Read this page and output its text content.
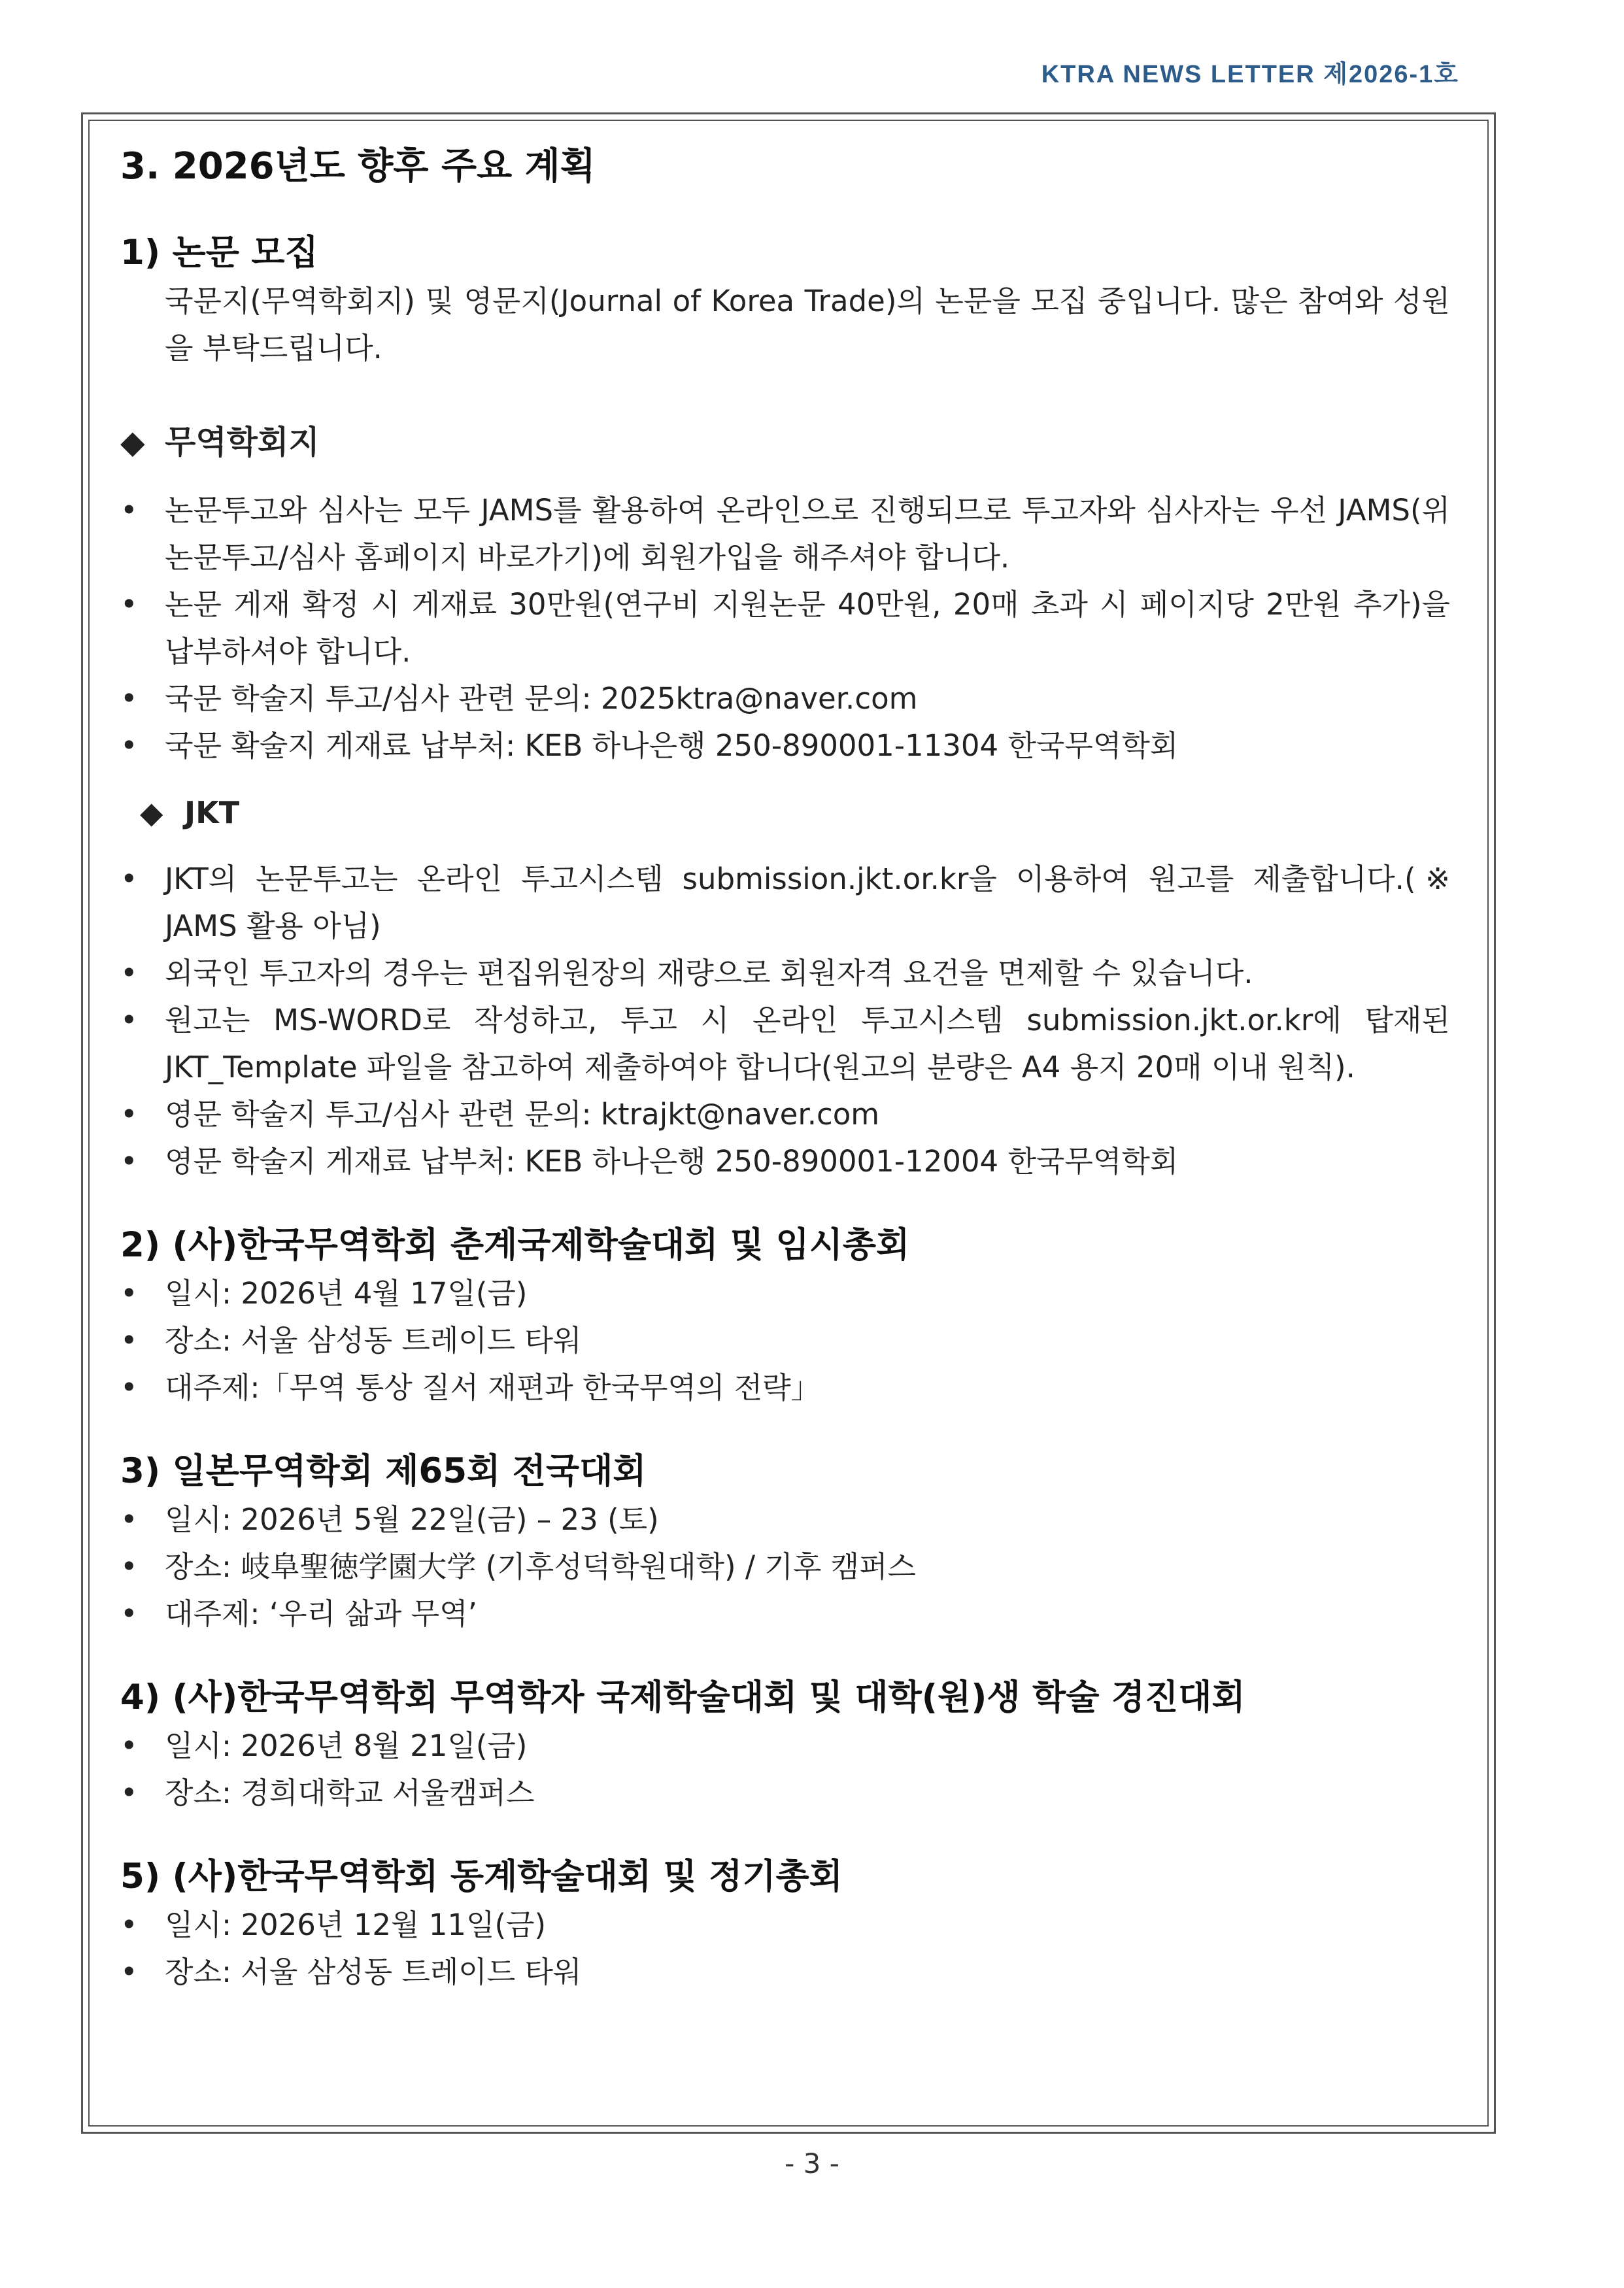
KTRA NEWS LETTER 제2026-1호

3. 2026년도 향후 주요 계획

1) 논문 모집

국문지(무역학회지) 및 영문지(Journal of Korea Trade)의 논문을 모집 중입니다. 많은 참여와 성원을 부탁드립니다.

◆ 무역학회지

• 논문투고와 심사는 모두 JAMS를 활용하여 온라인으로 진행되므로 투고자와 심사자는 우선 JAMS(위 논문투고/심사 홈페이지 바로가기)에 회원가입을 해주셔야 합니다.
• 논문 게재 확정 시 게재료 30만원(연구비 지원논문 40만원, 20매 초과 시 페이지당 2만원 추가)을 납부하셔야 합니다.
• 국문 학술지 투고/심사 관련 문의: 2025ktra@naver.com
• 국문 확술지 게재료 납부처: KEB 하나은행 250-890001-11304 한국무역학회

◆ JKT

• JKT의 논문투고는 온라인 투고시스템 submission.jkt.or.kr을 이용하여 원고를 제출합니다.(※ JAMS 활용 아님)
• 외국인 투고자의 경우는 편집위원장의 재량으로 회원자격 요건을 면제할 수 있습니다.
• 원고는 MS-WORD로 작성하고, 투고 시 온라인 투고시스템 submission.jkt.or.kr에 탑재된 JKT_Template 파일을 참고하여 제출하여야 합니다(원고의 분량은 A4 용지 20매 이내 원칙).
• 영문 학술지 투고/심사 관련 문의: ktrajkt@naver.com
• 영문 학술지 게재료 납부처: KEB 하나은행 250-890001-12004 한국무역학회

2) (사)한국무역학회 춘계국제학술대회 및 임시총회

• 일시: 2026년 4월 17일(금)
• 장소: 서울 삼성동 트레이드 타워
• 대주제:「무역 통상 질서 재편과 한국무역의 전략」

3) 일본무역학회 제65회 전국대회

• 일시: 2026년 5월 22일(금) – 23 (토)
• 장소: 岐阜聖徳学園大学 (기후성덕학원대학) / 기후 캠퍼스
• 대주제: ‘우리 삶과 무역’

4) (사)한국무역학회 무역학자 국제학술대회 및 대학(원)생 학술 경진대회

• 일시: 2026년 8월 21일(금)
• 장소: 경희대학교 서울캠퍼스

5) (사)한국무역학회 동계학술대회 및 정기총회

• 일시: 2026년 12월 11일(금)
• 장소: 서울 삼성동 트레이드 타워
- 3 -
